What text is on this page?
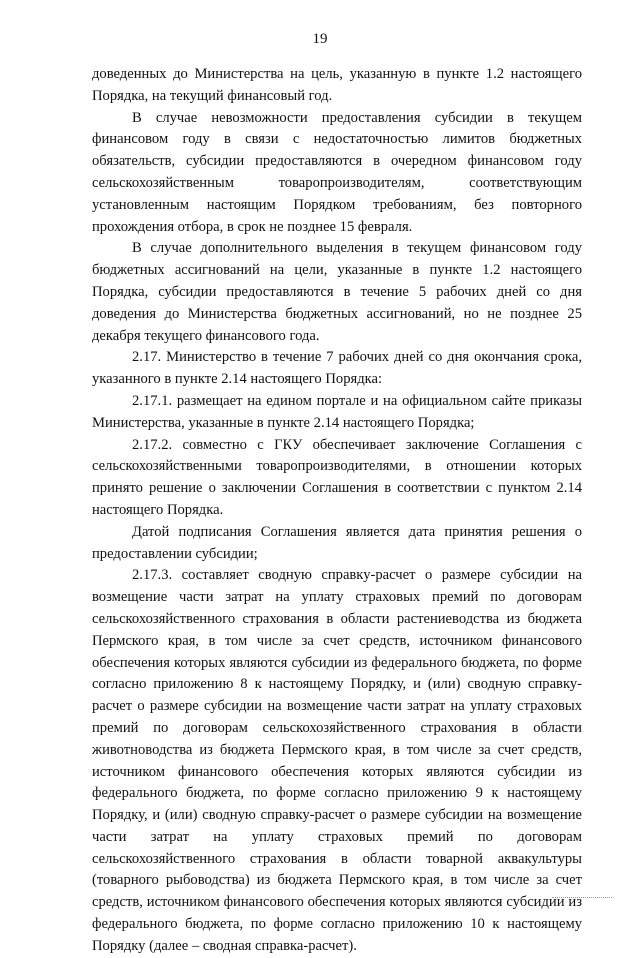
19

доведенных до Министерства на цель, указанную в пункте 1.2 настоящего Порядка, на текущий финансовый год.

В случае невозможности предоставления субсидии в текущем финансовом году в связи с недостаточностью лимитов бюджетных обязательств, субсидии предоставляются в очередном финансовом году сельскохозяйственным товаропроизводителям, соответствующим установленным настоящим Порядком требованиям, без повторного прохождения отбора, в срок не позднее 15 февраля.

В случае дополнительного выделения в текущем финансовом году бюджетных ассигнований на цели, указанные в пункте 1.2 настоящего Порядка, субсидии предоставляются в течение 5 рабочих дней со дня доведения до Министерства бюджетных ассигнований, но не позднее 25 декабря текущего финансового года.

2.17. Министерство в течение 7 рабочих дней со дня окончания срока, указанного в пункте 2.14 настоящего Порядка:

2.17.1. размещает на едином портале и на официальном сайте приказы Министерства, указанные в пункте 2.14 настоящего Порядка;

2.17.2. совместно с ГКУ обеспечивает заключение Соглашения с сельскохозяйственными товаропроизводителями, в отношении которых принято решение о заключении Соглашения в соответствии с пунктом 2.14 настоящего Порядка.

Датой подписания Соглашения является дата принятия решения о предоставлении субсидии;

2.17.3. составляет сводную справку-расчет о размере субсидии на возмещение части затрат на уплату страховых премий по договорам сельскохозяйственного страхования в области растениеводства из бюджета Пермского края, в том числе за счет средств, источником финансового обеспечения которых являются субсидии из федерального бюджета, по форме согласно приложению 8 к настоящему Порядку, и (или) сводную справку-расчет о размере субсидии на возмещение части затрат на уплату страховых премий по договорам сельскохозяйственного страхования в области животноводства из бюджета Пермского края, в том числе за счет средств, источником финансового обеспечения которых являются субсидии из федерального бюджета, по форме согласно приложению 9 к настоящему Порядку, и (или) сводную справку-расчет о размере субсидии на возмещение части затрат на уплату страховых премий по договорам сельскохозяйственного страхования в области товарной аквакультуры (товарного рыбоводства) из бюджета Пермского края, в том числе за счет средств, источником финансового обеспечения которых являются субсидии из федерального бюджета, по форме согласно приложению 10 к настоящему Порядку (далее – сводная справка-расчет).
